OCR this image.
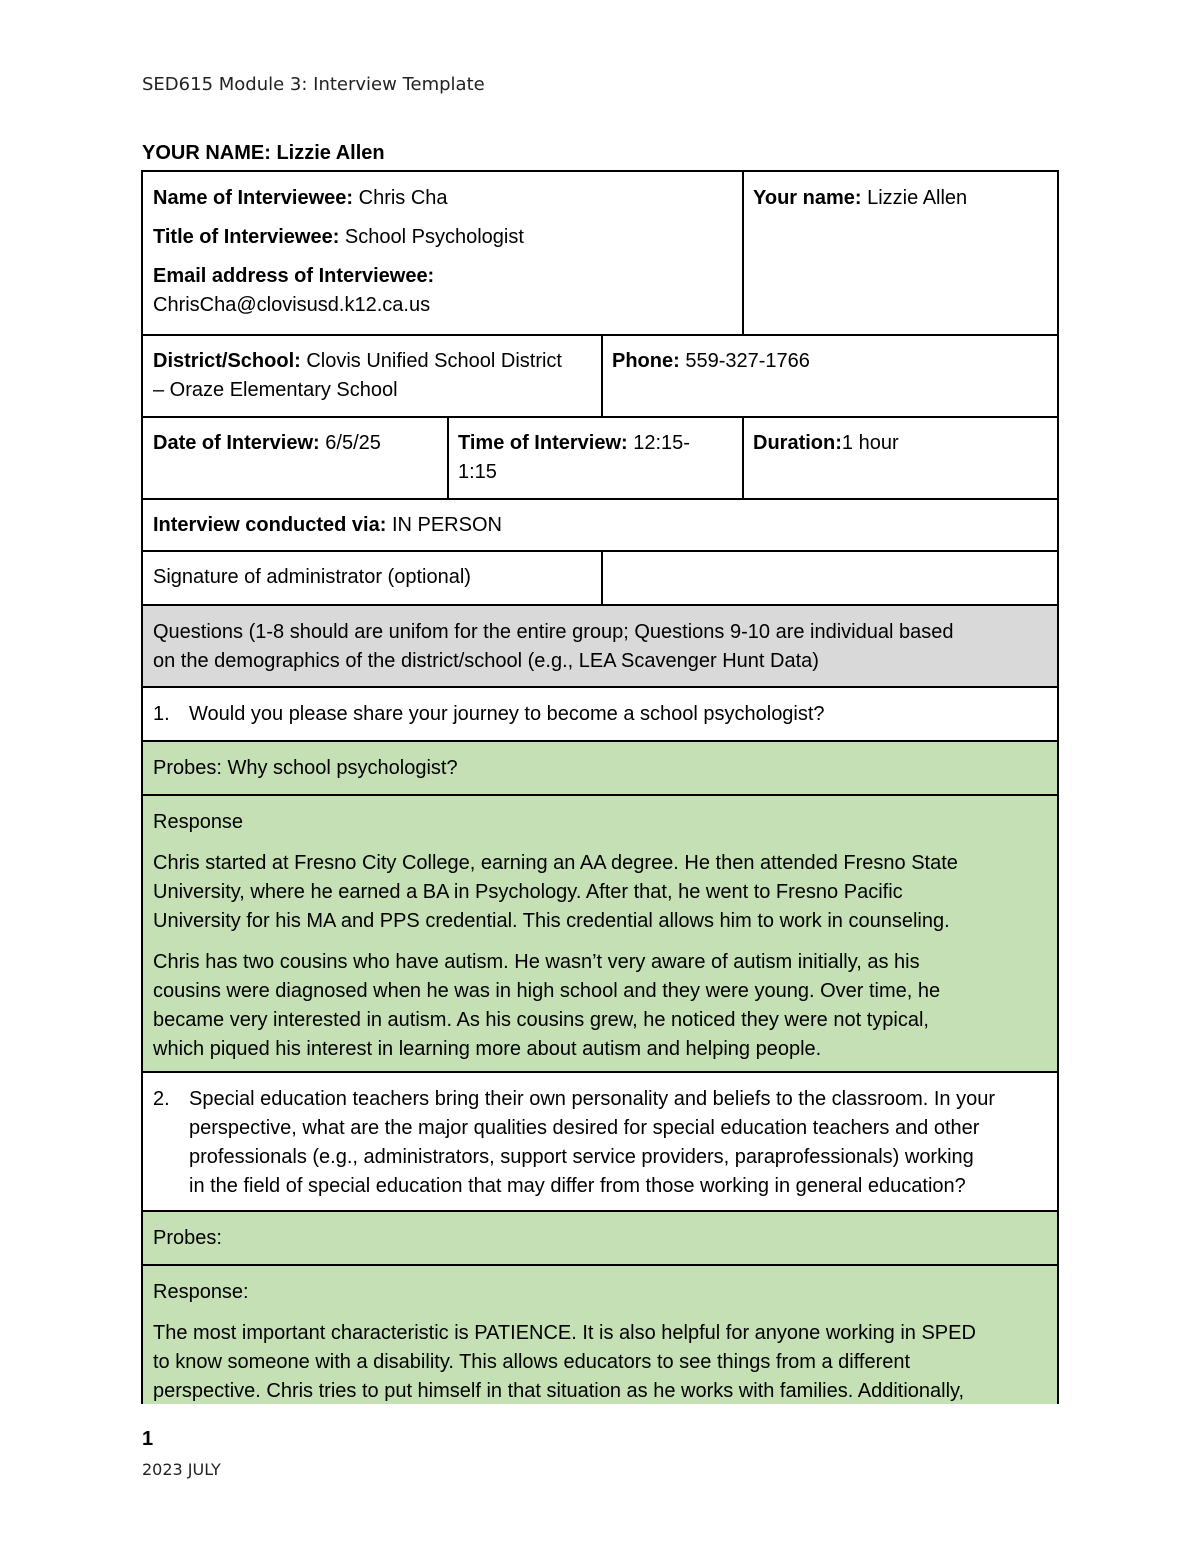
SED615 Module 3: Interview Template
YOUR NAME: Lizzie Allen
Name of Interviewee: Chris Cha
Title of Interviewee: School Psychologist
Email address of Interviewee:
ChrisCha@clovisusd.k12.ca.us
Your name: Lizzie Allen
District/School: Clovis Unified School District
– Oraze Elementary School
Phone: 559-327-1766
Date of Interview: 6/5/25	Time of Interview: 12:15-
1:15
Duration:1 hour
Interview conducted via: IN PERSON
Signature of administrator (optional)
Questions (1-8 should are unifom for the entire group; Questions 9-10 are individual based
on the demographics of the district/school (e.g., LEA Scavenger Hunt Data)
1. Would you please share your journey to become a school psychologist?
Probes: Why school psychologist?
Response
Chris started at Fresno City College, earning an AA degree. He then attended Fresno State
University, where he earned a BA in Psychology. After that, he went to Fresno Pacific
University for his MA and PPS credential. This credential allows him to work in counseling.
Chris has two cousins who have autism. He wasn’t very aware of autism initially, as his
cousins were diagnosed when he was in high school and they were young. Over time, he
became very interested in autism. As his cousins grew, he noticed they were not typical,
which piqued his interest in learning more about autism and helping people.
2. Special education teachers bring their own personality and beliefs to the classroom. In your
perspective, what are the major qualities desired for special education teachers and other
professionals (e.g., administrators, support service providers, paraprofessionals) working
in the field of special education that may differ from those working in general education?
Probes:
Response:
The most important characteristic is PATIENCE. It is also helpful for anyone working in SPED
to know someone with a disability. This allows educators to see things from a different
perspective. Chris tries to put himself in that situation as he works with families. Additionally,
1
2023 JULY
